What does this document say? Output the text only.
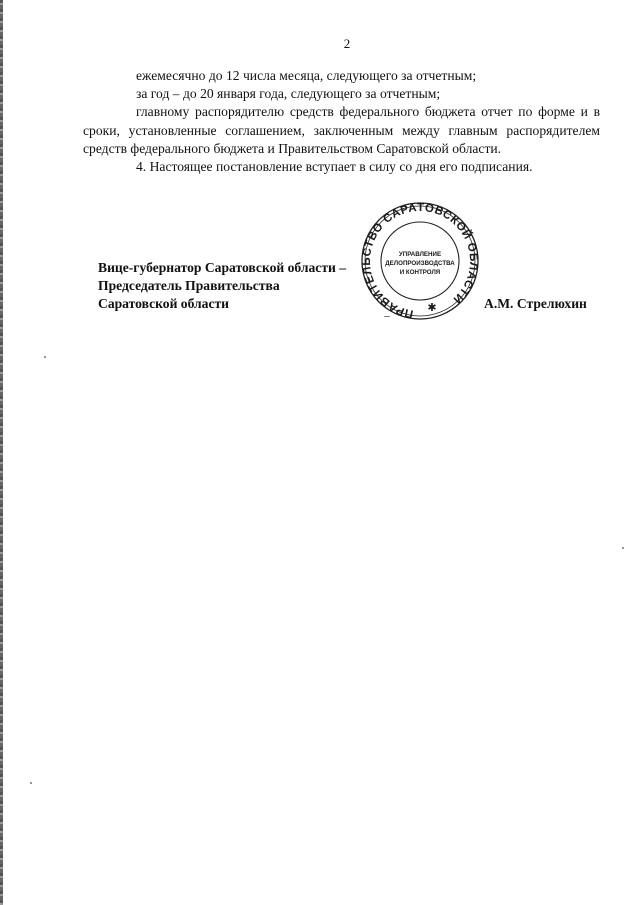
2

ежемесячно до 12 числа месяца, следующего за отчетным;

за год – до 20 января года, следующего за отчетным;

главному распорядителю средств федерального бюджета отчет по форме и в сроки, установленные соглашением, заключенным между главным распорядителем средств федерального бюджета и Правительством Саратовской области.

4. Настоящее постановление вступает в силу со дня его подписания.

ПРАВИТЕЛЬСТВО САРАТОВСКОЙ ОБЛАСТИ
УПРАВЛЕНИЕ
ДЕЛОПРОИЗВОДСТВА
И КОНТРОЛЯ
✱
Вице-губернатор Саратовской области –
Председатель Правительства
Саратовской области	А.М. Стрелюхин
